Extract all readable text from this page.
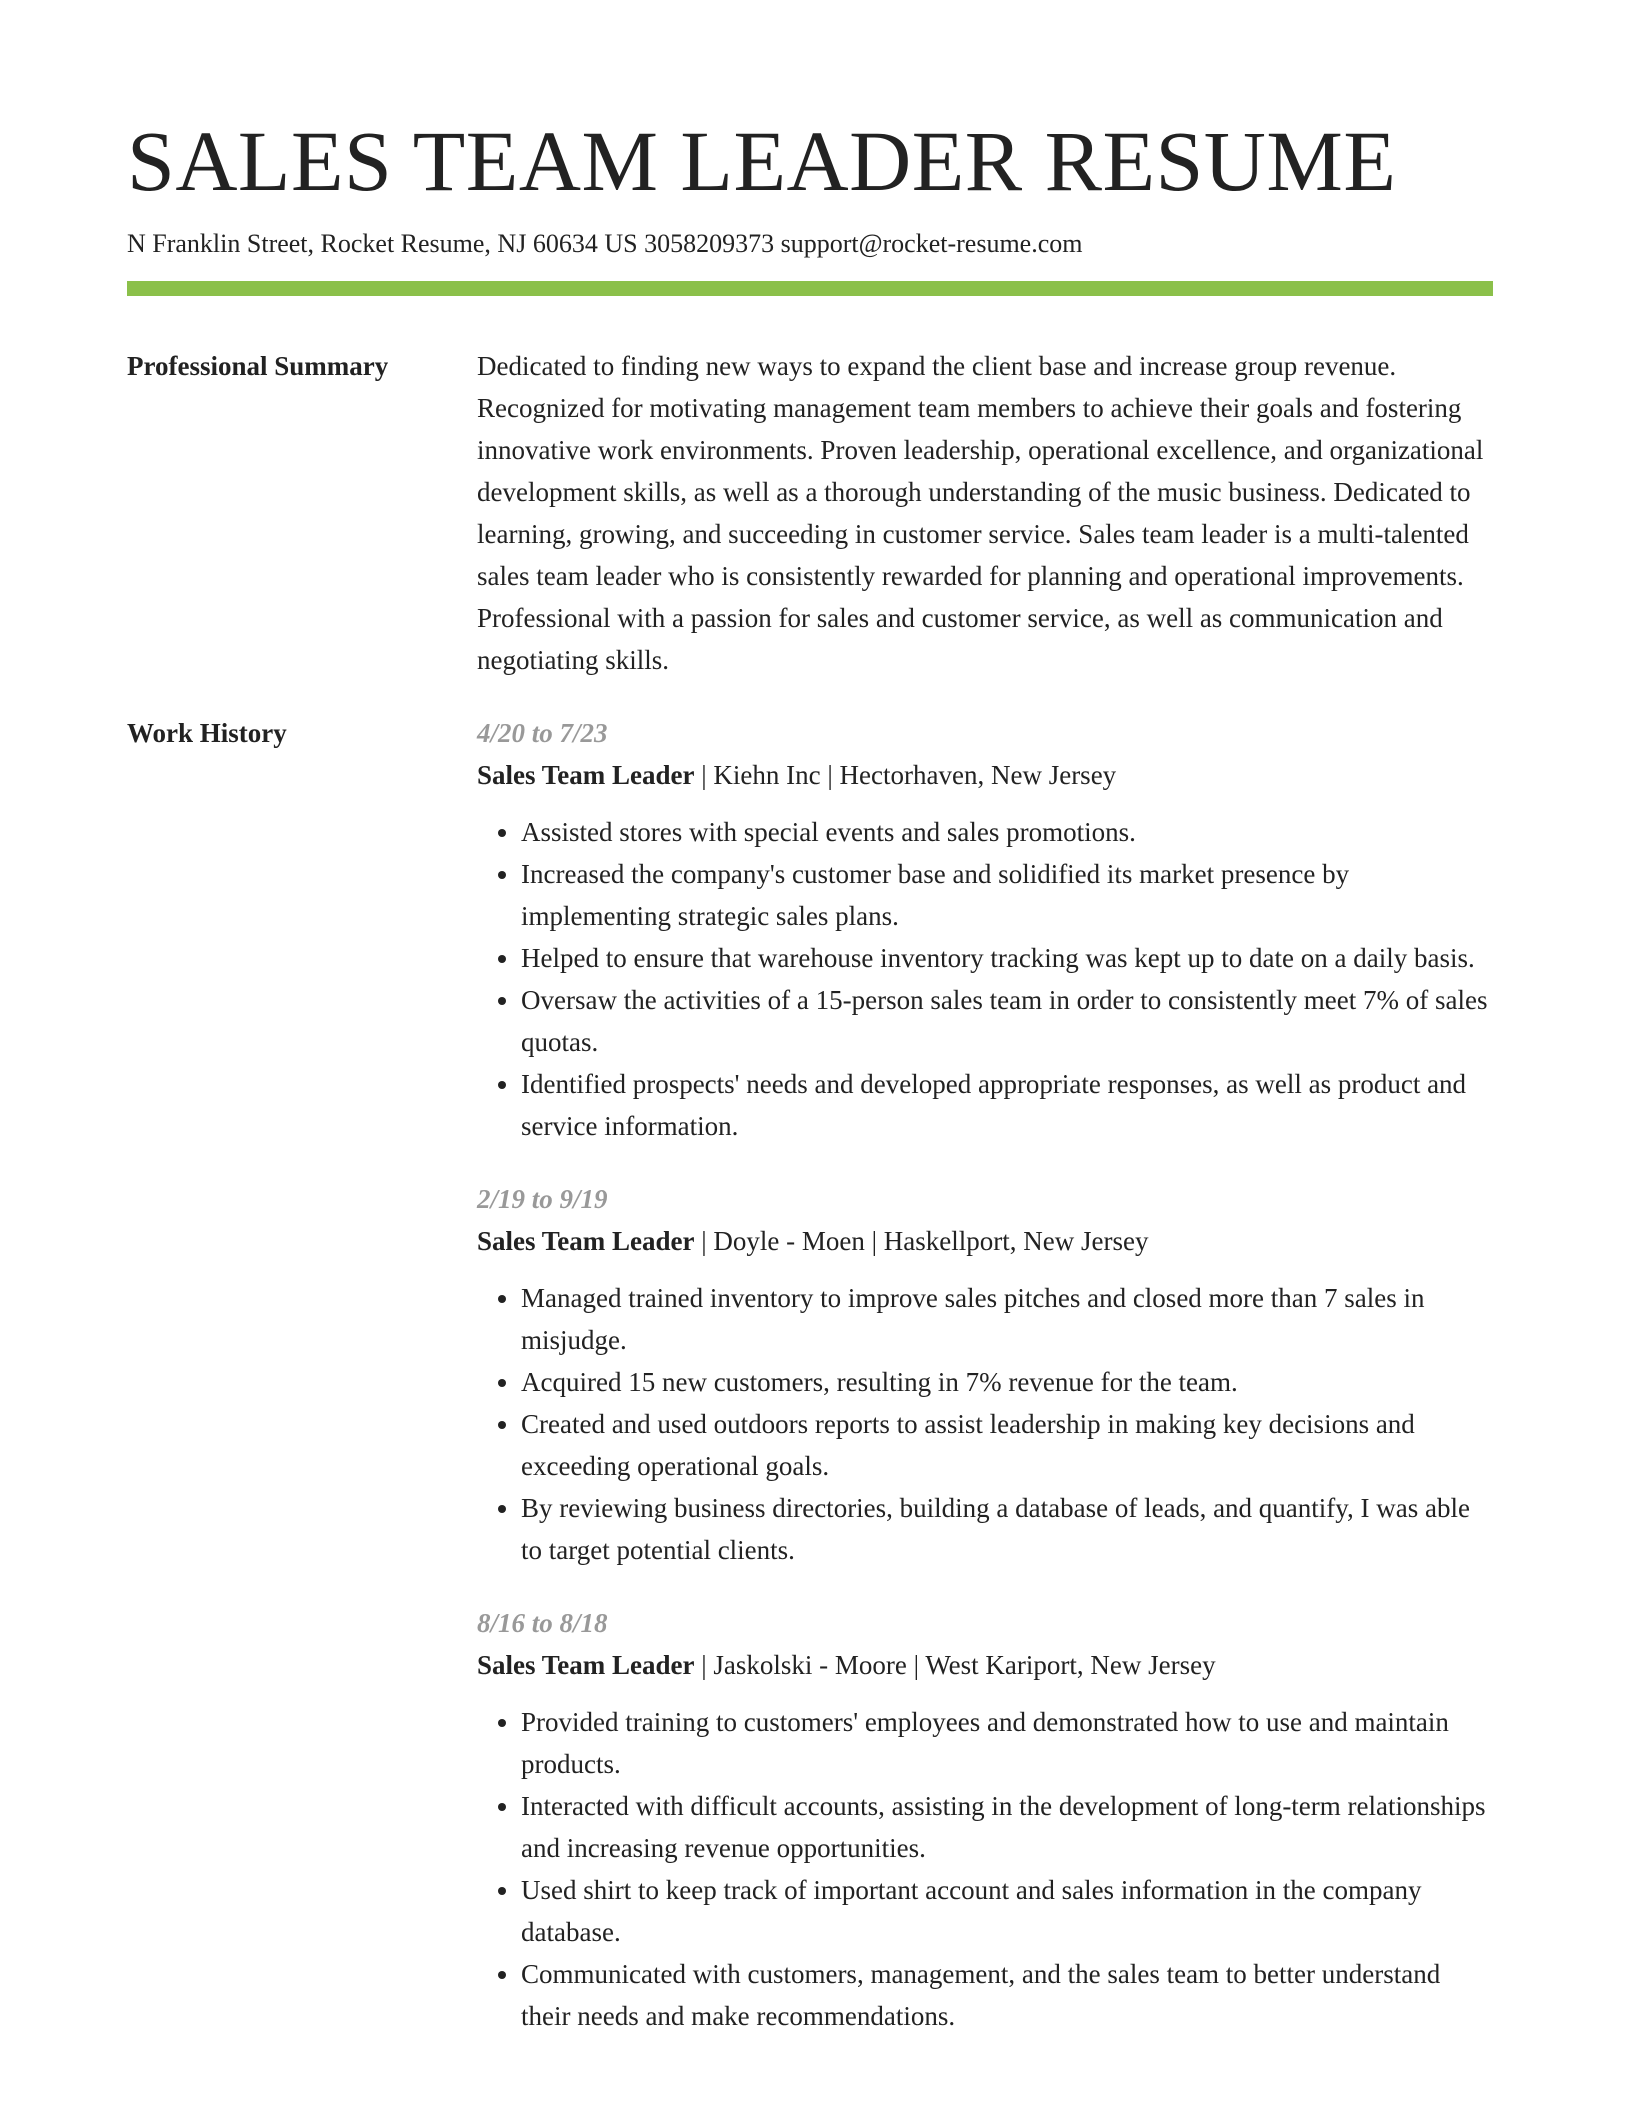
SALES TEAM LEADER RESUME
N Franklin Street, Rocket Resume, NJ 60634 US 3058209373 support@rocket-resume.com
Professional Summary	Dedicated to finding new ways to expand the client base and increase group revenue. Recognized for motivating management team members to achieve their goals and fostering innovative work environments. Proven leadership, operational excellence, and organizational development skills, as well as a thorough understanding of the music business. Dedicated to learning, growing, and succeeding in customer service. Sales team leader is a multi-talented sales team leader who is consistently rewarded for planning and operational improvements. Professional with a passion for sales and customer service, as well as communication and negotiating skills.
Work History	4/20 to 7/23
Sales Team Leader | Kiehn Inc | Hectorhaven, New Jersey
• Assisted stores with special events and sales promotions.
• Increased the company's customer base and solidified its market presence by implementing strategic sales plans.
• Helped to ensure that warehouse inventory tracking was kept up to date on a daily basis.
• Oversaw the activities of a 15-person sales team in order to consistently meet 7% of sales quotas.
• Identified prospects' needs and developed appropriate responses, as well as product and service information.
2/19 to 9/19
Sales Team Leader | Doyle - Moen | Haskellport, New Jersey
• Managed trained inventory to improve sales pitches and closed more than 7 sales in misjudge.
• Acquired 15 new customers, resulting in 7% revenue for the team.
• Created and used outdoors reports to assist leadership in making key decisions and exceeding operational goals.
• By reviewing business directories, building a database of leads, and quantify, I was able to target potential clients.
8/16 to 8/18
Sales Team Leader | Jaskolski - Moore | West Kariport, New Jersey
• Provided training to customers' employees and demonstrated how to use and maintain products.
• Interacted with difficult accounts, assisting in the development of long-term relationships and increasing revenue opportunities.
• Used shirt to keep track of important account and sales information in the company database.
• Communicated with customers, management, and the sales team to better understand their needs and make recommendations.
